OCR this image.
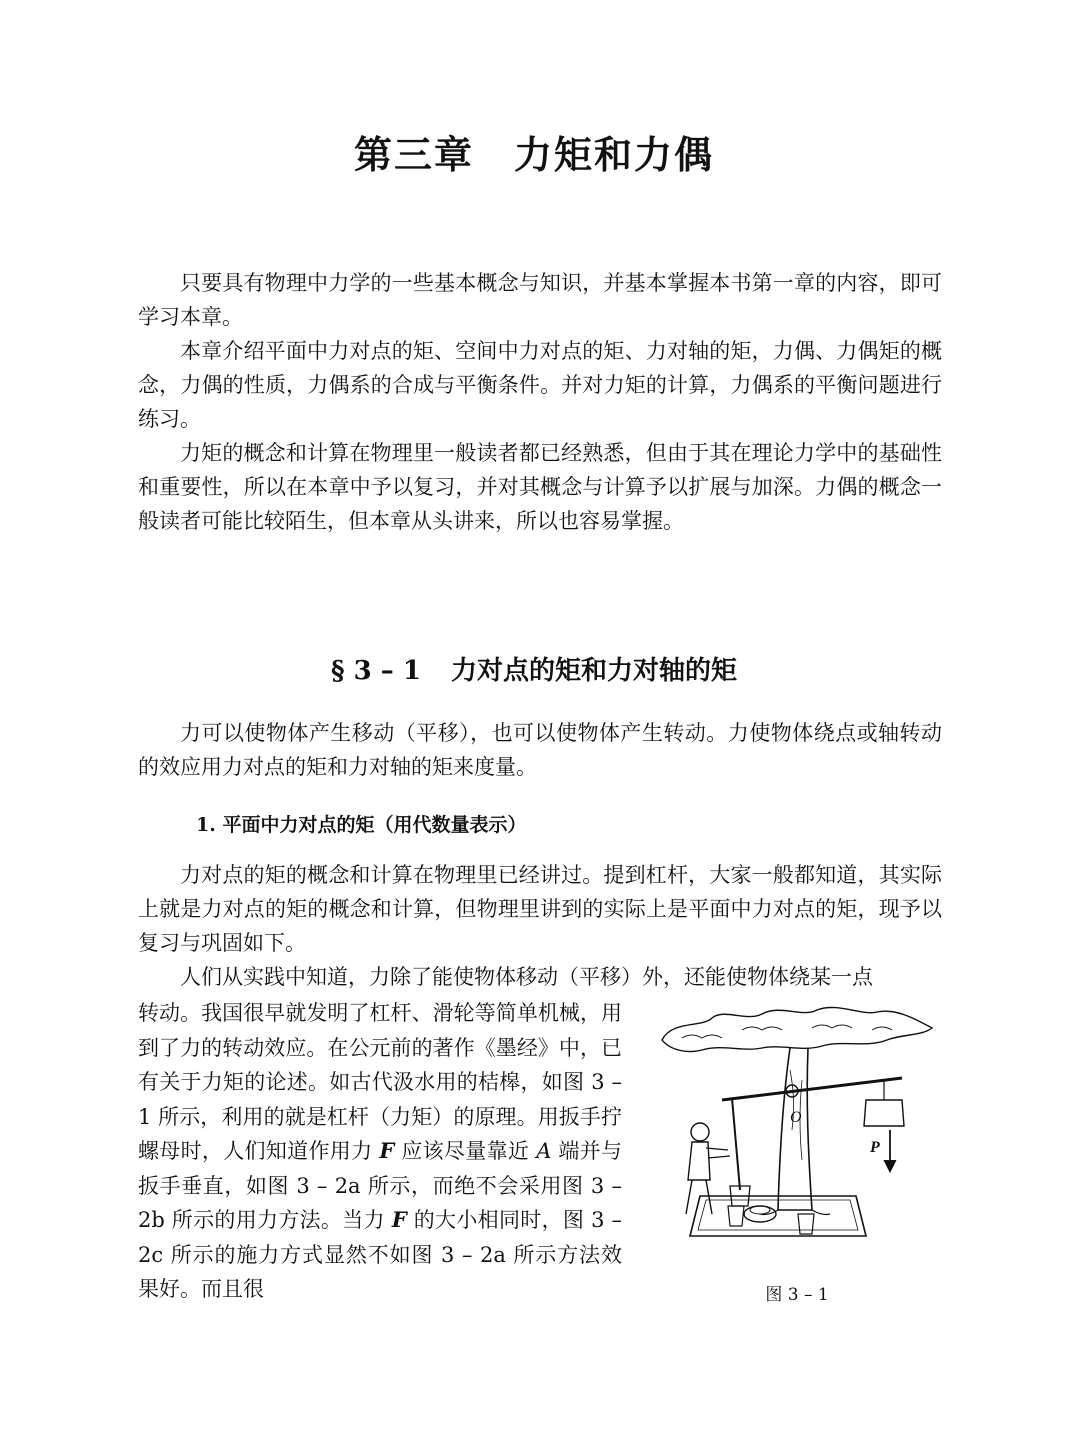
第三章 力矩和力偶

只要具有物理中力学的一些基本概念与知识，并基本掌握本书第一章的内容，即可学习本章。

本章介绍平面中力对点的矩、空间中力对点的矩、力对轴的矩，力偶、力偶矩的概念，力偶的性质，力偶系的合成与平衡条件。并对力矩的计算，力偶系的平衡问题进行练习。

力矩的概念和计算在物理里一般读者都已经熟悉，但由于其在理论力学中的基础性和重要性，所以在本章中予以复习，并对其概念与计算予以扩展与加深。力偶的概念一般读者可能比较陌生，但本章从头讲来，所以也容易掌握。

§ 3 – 1 力对点的矩和力对轴的矩

力可以使物体产生移动（平移），也可以使物体产生转动。力使物体绕点或轴转动的效应用力对点的矩和力对轴的矩来度量。

1. 平面中力对点的矩（用代数量表示）

力对点的矩的概念和计算在物理里已经讲过。提到杠杆，大家一般都知道，其实际上就是力对点的矩的概念和计算，但物理里讲到的实际上是平面中力对点的矩，现予以复习与巩固如下。

人们从实践中知道，力除了能使物体移动（平移）外，还能使物体绕某一点

转动。我国很早就发明了杠杆、滑轮等简单机械，用到了力的转动效应。在公元前的著作《墨经》中，已有关于力矩的论述。如古代汲水用的桔槔，如图 3 – 1 所示，利用的就是杠杆（力矩）的原理。用扳手拧螺母时，人们知道作用力 F 应该尽量靠近 A 端并与扳手垂直，如图 3 – 2a 所示，而绝不会采用图 3 – 2b 所示的用力方法。当力 F 的大小相同时，图 3 – 2c 所示的施力方式显然不如图 3 – 2a 所示方法效果好。而且很

O
P
图 3 – 1
